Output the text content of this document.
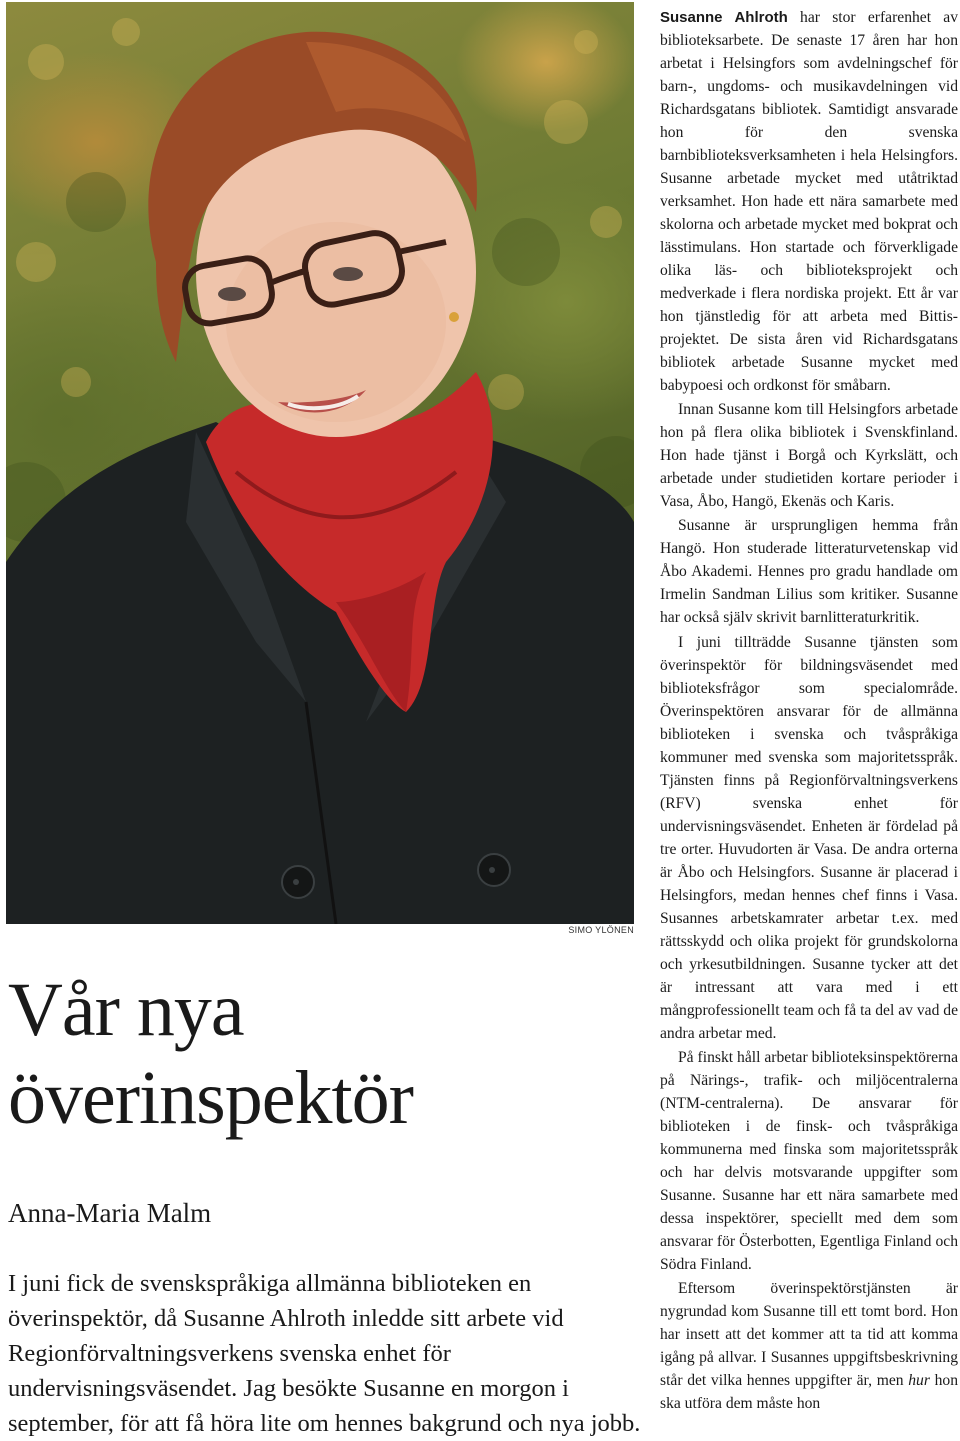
SIMO YLÖNEN
Vår nya
överinspektör
Anna-Maria Malm

I juni fick de svenskspråkiga allmänna biblioteken en överinspektör, då Susanne Ahlroth inledde sitt arbete vid Regionförvaltningsverkens svenska enhet för undervisningsväsendet. Jag besökte Susanne en morgon i september, för att få höra lite om hennes bakgrund och nya jobb.

Susanne Ahlroth har stor erfarenhet av biblioteksarbete. De senaste 17 åren har hon arbetat i Helsingfors som avdelningschef för barn-, ungdoms- och musikavdelningen vid Richardsgatans bibliotek. Samtidigt ansvarade hon för den svenska barnbiblioteksverksamheten i hela Helsingfors. Susanne arbetade mycket med utåtriktad verksamhet. Hon hade ett nära samarbete med skolorna och arbetade mycket med bokprat och lässtimulans. Hon startade och förverkligade olika läs- och biblioteksprojekt och medverkade i flera nordiska projekt. Ett år var hon tjänstledig för att arbeta med Bittis-projektet. De sista åren vid Richardsgatans bibliotek arbetade Susanne mycket med babypoesi och ordkonst för småbarn.

Innan Susanne kom till Helsingfors arbetade hon på flera olika bibliotek i Svenskfinland. Hon hade tjänst i Borgå och Kyrkslätt, och arbetade under studietiden kortare perioder i Vasa, Åbo, Hangö, Ekenäs och Karis.

Susanne är ursprungligen hemma från Hangö. Hon studerade litteraturvetenskap vid Åbo Akademi. Hennes pro gradu handlade om Irmelin Sandman Lilius som kritiker. Susanne har också själv skrivit barnlitteraturkritik.

I juni tillträdde Susanne tjänsten som överinspektör för bildningsväsendet med biblioteksfrågor som specialområde. Överinspektören ansvarar för de allmänna biblioteken i svenska och tvåspråkiga kommuner med svenska som majoritetsspråk. Tjänsten finns på Regionförvaltningsverkens (RFV) svenska enhet för undervisningsväsendet. Enheten är fördelad på tre orter. Huvudorten är Vasa. De andra orterna är Åbo och Helsingfors. Susanne är placerad i Helsingfors, medan hennes chef finns i Vasa. Susannes arbetskamrater arbetar t.ex. med rättsskydd och olika projekt för grundskolorna och yrkesutbildningen. Susanne tycker att det är intressant att vara med i ett mångprofessionellt team och få ta del av vad de andra arbetar med.

På finskt håll arbetar biblioteksinspektörerna på Närings-, trafik- och miljöcentralerna (NTM-centralerna). De ansvarar för biblioteken i de finsk- och tvåspråkiga kommunerna med finska som majoritetsspråk och har delvis motsvarande uppgifter som Susanne. Susanne har ett nära samarbete med dessa inspektörer, speciellt med dem som ansvarar för Österbotten, Egentliga Finland och Södra Finland.

Eftersom överinspektörstjänsten är nygrundad kom Susanne till ett tomt bord. Hon har insett att det kommer att ta tid att komma igång på allvar. I Susannes uppgiftsbeskrivning står det vilka hennes uppgifter är, men hur hon ska utföra dem måste hon
